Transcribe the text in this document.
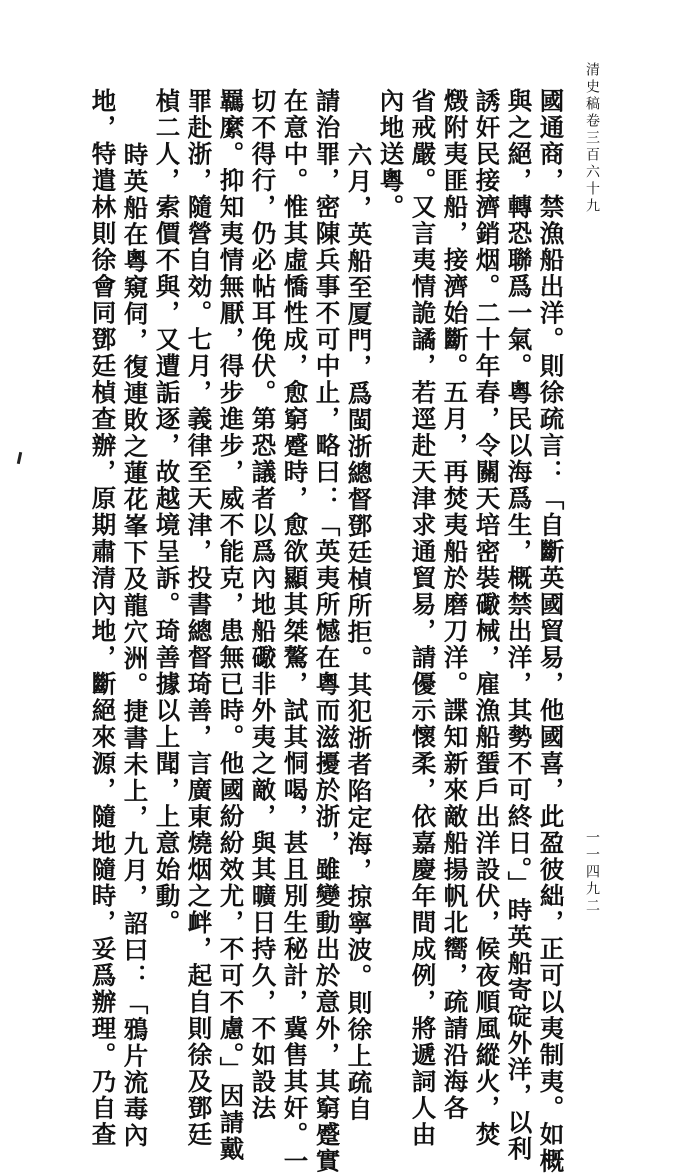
清史稿卷三百六十九
一一四九二
國通商，禁漁船出洋。則徐疏言：「自斷英國貿易，他國喜，此盈彼絀，正可以夷制夷。如概
與之絕，轉恐聯爲一氣。粵民以海爲生，概禁出洋，其勢不可終日。」時英船寄碇外洋，以利
誘奸民接濟銷烟。二十年春，令關天培密裝礮械，雇漁船蜑戶出洋設伏，候夜順風縱火，焚
燬附夷匪船，接濟始斷。五月，再焚夷船於磨刀洋。諜知新來敵船揚帆北嚮，疏請沿海各
省戒嚴。又言夷情詭譎，若逕赴天津求通貿易，請優示懷柔，依嘉慶年間成例，將遞詞人由
內地送粵。
六月，英船至厦門，爲閩浙總督鄧廷楨所拒。其犯浙者陷定海，掠寧波。則徐上疏自
請治罪，密陳兵事不可中止，略曰：「英夷所憾在粵而滋擾於浙，雖變動出於意外，其窮蹙實
在意中。惟其虛憍性成，愈窮蹙時，愈欲顯其桀驁，試其恫喝，甚且別生秘計，冀售其奸。一
切不得行，仍必帖耳俛伏。第恐議者以爲內地船礮非外夷之敵，與其曠日持久，不如設法
羈縻。抑知夷情無厭，得步進步，威不能克，患無已時。他國紛紛效尤，不可不慮。」因請戴
罪赴浙，隨營自効。七月，義律至天津，投書總督琦善，言廣東燒烟之衅，起自則徐及鄧廷
楨二人，索價不與，又遭詬逐，故越境呈訴。琦善據以上聞，上意始動。
時英船在粵窺伺，復連敗之蓮花峯下及龍穴洲。捷書未上，九月，詔曰：「鴉片流毒內
地，特遣林則徐會同鄧廷楨查辦，原期肅清內地，斷絕來源，隨地隨時，妥爲辦理。乃自查
